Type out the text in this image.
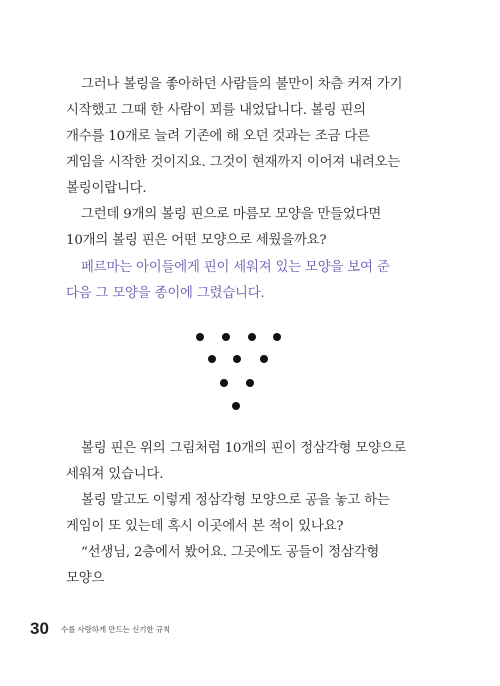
그러나 볼링을 좋아하던 사람들의 불만이 차츰 커져 가기 시작했고 그때 한 사람이 꾀를 내었답니다. 볼링 핀의 개수를 10개로 늘려 기존에 해 오던 것과는 조금 다른 게임을 시작한 것이지요. 그것이 현재까지 이어져 내려오는 볼링이랍니다.

그런데 9개의 볼링 핀으로 마름모 모양을 만들었다면 10개의 볼링 핀은 어떤 모양으로 세웠을까요?

페르마는 아이들에게 핀이 세워져 있는 모양을 보여 준 다음 그 모양을 종이에 그렸습니다.

볼링 핀은 위의 그림처럼 10개의 핀이 정삼각형 모양으로 세워져 있습니다.

볼링 말고도 이렇게 정삼각형 모양으로 공을 놓고 하는 게임이 또 있는데 혹시 이곳에서 본 적이 있나요?

“선생님, 2층에서 봤어요. 그곳에도 공들이 정삼각형 모양으

30 수를 사랑하게 만드는 신기한 규칙
